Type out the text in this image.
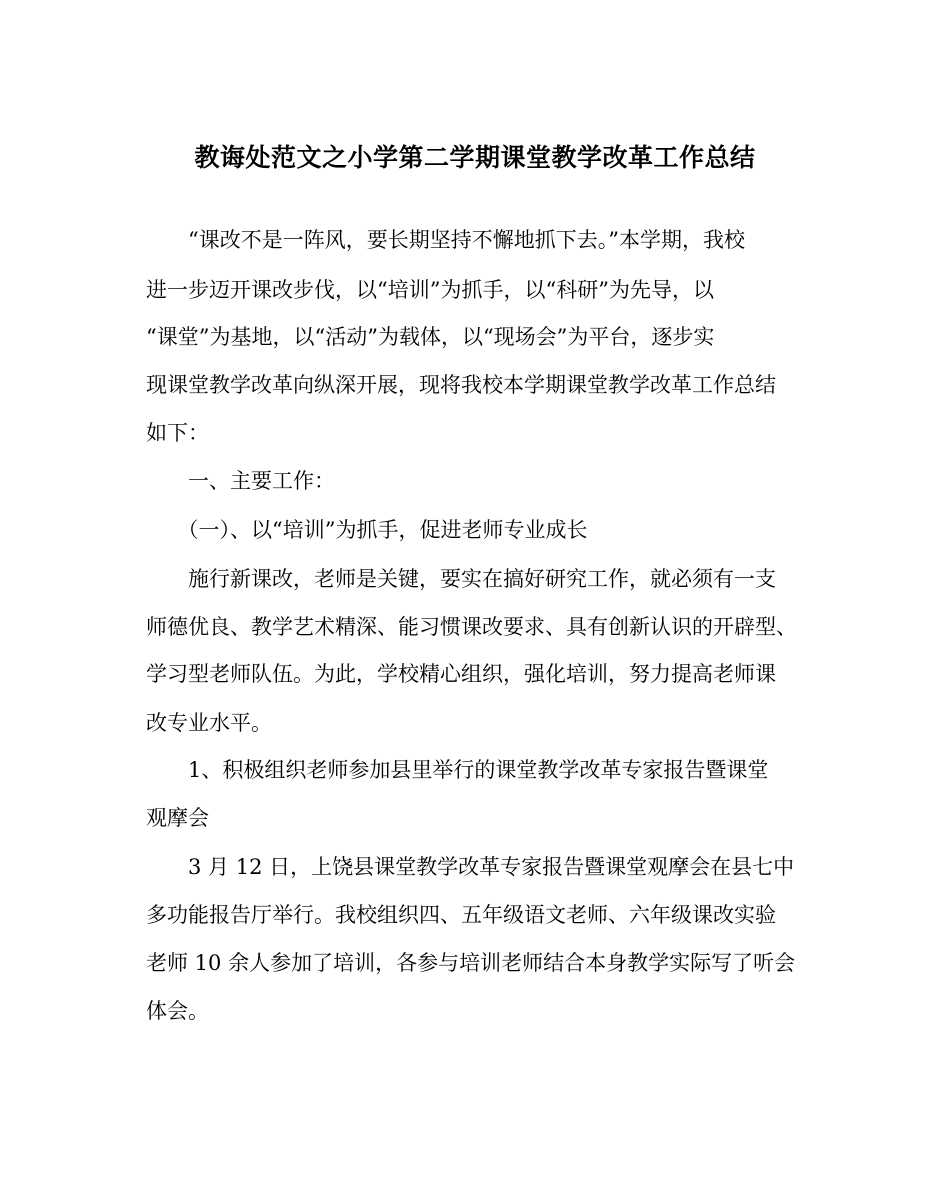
教诲处范文之小学第二学期课堂教学改革工作总结
　　“课改不是一阵风，要长期坚持不懈地抓下去。”本学期，我校
进一步迈开课改步伐，以“培训”为抓手，以“科研”为先导，以
“课堂”为基地，以“活动”为载体，以“现场会”为平台，逐步实
现课堂教学改革向纵深开展，现将我校本学期课堂教学改革工作总结
如下：
　　一、主要工作：
　　（一）、以“培训”为抓手，促进老师专业成长
　　施行新课改，老师是关键，要实在搞好研究工作，就必须有一支
师德优良、教学艺术精深、能习惯课改要求、具有创新认识的开辟型、
学习型老师队伍。为此，学校精心组织，强化培训，努力提高老师课
改专业水平。
　　1、积极组织老师参加县里举行的课堂教学改革专家报告暨课堂
观摩会
　　3 月 12 日，上饶县课堂教学改革专家报告暨课堂观摩会在县七中
多功能报告厅举行。我校组织四、五年级语文老师、六年级课改实验
老师 10 余人参加了培训，各参与培训老师结合本身教学实际写了听会
体会。
